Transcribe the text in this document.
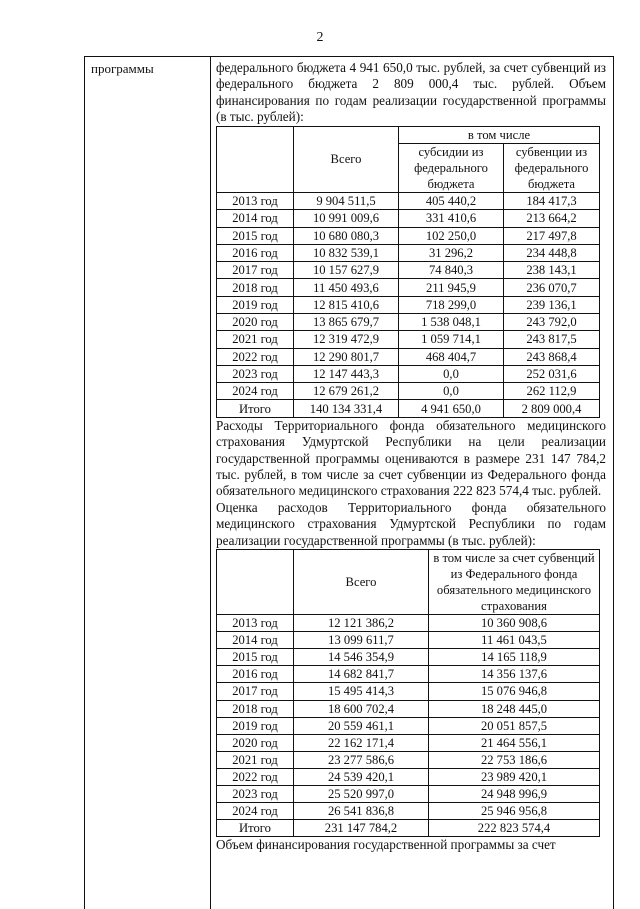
2
программы	федерального бюджета 4 941 650,0 тыс. рублей, за счет субвенций из федерального бюджета 2 809 000,4 тыс. рублей. Объем финансирования по годам реализации государственной программы (в тыс. рублей):

	Всего	в том числе	
		субсидии из федерального бюджета	субвенции из федерального бюджета
2013 год	9 904 511,5	405 440,2	184 417,3
2014 год	10 991 009,6	331 410,6	213 664,2
2015 год	10 680 080,3	102 250,0	217 497,8
2016 год	10 832 539,1	31 296,2	234 448,8
2017 год	10 157 627,9	74 840,3	238 143,1
2018 год	11 450 493,6	211 945,9	236 070,7
2019 год	12 815 410,6	718 299,0	239 136,1
2020 год	13 865 679,7	1 538 048,1	243 792,0
2021 год	12 319 472,9	1 059 714,1	243 817,5
2022 год	12 290 801,7	468 404,7	243 868,4
2023 год	12 147 443,3	0,0	252 031,6
2024 год	12 679 261,2	0,0	262 112,9
Итого	140 134 331,4	4 941 650,0	2 809 000,4

Расходы Территориального фонда обязательного медицинского страхования Удмуртской Республики на цели реализации государственной программы оцениваются в размере 231 147 784,2 тыс. рублей, в том числе за счет субвенции из Федерального фонда обязательного медицинского страхования 222 823 574,4 тыс. рублей.

Оценка расходов Территориального фонда обязательного медицинского страхования Удмуртской Республики по годам реализации государственной программы (в тыс. рублей):

	Всего	в том числе за счет субвенций из Федерального фонда обязательного медицинского страхования
2013 год	12 121 386,2	10 360 908,6
2014 год	13 099 611,7	11 461 043,5
2015 год	14 546 354,9	14 165 118,9
2016 год	14 682 841,7	14 356 137,6
2017 год	15 495 414,3	15 076 946,8
2018 год	18 600 702,4	18 248 445,0
2019 год	20 559 461,1	20 051 857,5
2020 год	22 162 171,4	21 464 556,1
2021 год	23 277 586,6	22 753 186,6
2022 год	24 539 420,1	23 989 420,1
2023 год	25 520 997,0	24 948 996,9
2024 год	26 541 836,8	25 946 956,8
Итого	231 147 784,2	222 823 574,4

Объем финансирования государственной программы за счет
